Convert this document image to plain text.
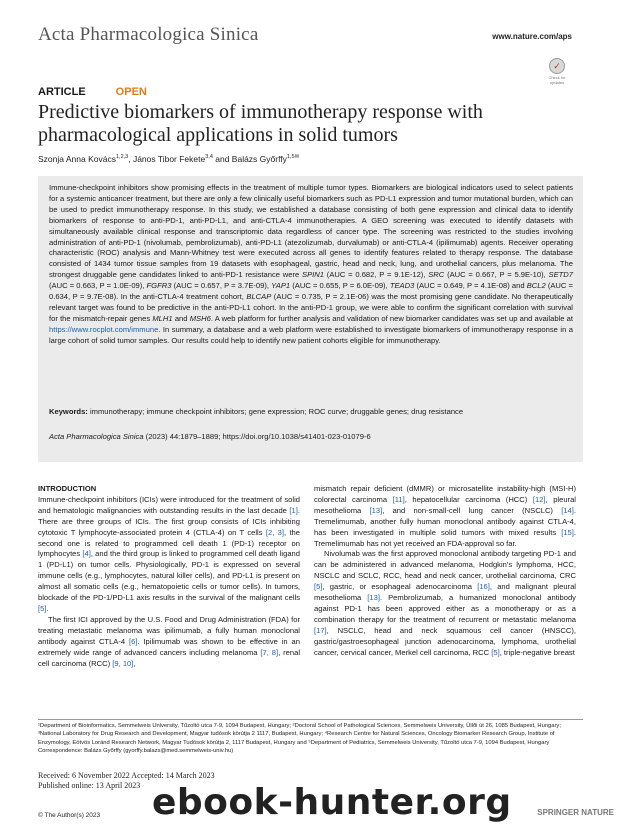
Acta Pharmacologica Sinica	www.nature.com/aps
✓
Check for updates
ARTICLE	OPEN
Predictive biomarkers of immunotherapy response with pharmacological applications in solid tumors
Szonja Anna Kovács$^{1,2,3}$, János Tibor Fekete$^{3,4}$ and Balázs Győrffy$^{1,5✉}$
Immune-checkpoint inhibitors show promising effects in the treatment of multiple tumor types. Biomarkers are biological indicators used to select patients for a systemic anticancer treatment, but there are only a few clinically useful biomarkers such as PD-L1 expression and tumor mutational burden, which can be used to predict immunotherapy response. In this study, we established a database consisting of both gene expression and clinical data to identify biomarkers of response to anti-PD-1, anti-PD-L1, and anti-CTLA-4 immunotherapies. A GEO screening was executed to identify datasets with simultaneously available clinical response and transcriptomic data regardless of cancer type. The screening was restricted to the studies involving administration of anti-PD-1 (nivolumab, pembrolizumab), anti-PD-L1 (atezolizumab, durvalumab) or anti-CTLA-4 (ipilimumab) agents. Receiver operating characteristic (ROC) analysis and Mann-Whitney test were executed across all genes to identify features related to therapy response. The database consisted of 1434 tumor tissue samples from 19 datasets with esophageal, gastric, head and neck, lung, and urothelial cancers, plus melanoma. The strongest druggable gene candidates linked to anti-PD-1 resistance were SPIN1 (AUC = 0.682, P = 9.1E-12), SRC (AUC = 0.667, P = 5.9E-10), SETD7 (AUC = 0.663, P = 1.0E-09), FGFR3 (AUC = 0.657, P = 3.7E-09), YAP1 (AUC = 0.655, P = 6.0E-09), TEAD3 (AUC = 0.649, P = 4.1E-08) and BCL2 (AUC = 0.634, P = 9.7E-08). In the anti-CTLA-4 treatment cohort, BLCAP (AUC = 0.735, P = 2.1E-06) was the most promising gene candidate. No therapeutically relevant target was found to be predictive in the anti-PD-L1 cohort. In the anti-PD-1 group, we were able to confirm the significant correlation with survival for the mismatch-repair genes MLH1 and MSH6. A web platform for further analysis and validation of new biomarker candidates was set up and available at https://www.rocplot.com/immune. In summary, a database and a web platform were established to investigate biomarkers of immunotherapy response in a large cohort of solid tumor samples. Our results could help to identify new patient cohorts eligible for immunotherapy.
Keywords: immunotherapy; immune checkpoint inhibitors; gene expression; ROC curve; druggable genes; drug resistance
Acta Pharmacologica Sinica (2023) 44:1879–1889; https://doi.org/10.1038/s41401-023-01079-6
INTRODUCTION

Immune-checkpoint inhibitors (ICIs) were introduced for the treatment of solid and hematologic malignancies with outstanding results in the last decade [1]. There are three groups of ICIs. The first group consists of ICIs inhibiting cytotoxic T lymphocyte-associated protein 4 (CTLA-4) on T cells [2, 3], the second one is related to programmed cell death 1 (PD-1) receptor on lymphocytes [4], and the third group is linked to programmed cell death ligand 1 (PD-L1) on tumor cells. Physiologically, PD-1 is expressed on several immune cells (e.g., lymphocytes, natural killer cells), and PD-L1 is present on almost all somatic cells (e.g., hematopoietic cells or tumor cells). In tumors, blockade of the PD-1/PD-L1 axis results in the survival of the malignant cells [5].

The first ICI approved by the U.S. Food and Drug Administration (FDA) for treating metastatic melanoma was ipilimumab, a fully human monoclonal antibody against CTLA-4 [6]. Ipilimumab was shown to be effective in an extremely wide range of advanced cancers including melanoma [7, 8], renal cell carcinoma (RCC) [9, 10],

mismatch repair deficient (dMMR) or microsatellite instability-high (MSI-H) colorectal carcinoma [11], hepatocellular carcinoma (HCC) [12], pleural mesothelioma [13], and non-small-cell lung cancer (NSCLC) [14]. Tremelimumab, another fully human monoclonal antibody against CTLA-4, has been investigated in multiple solid tumors with mixed results [15]. Tremelimumab has not yet received an FDA-approval so far.

Nivolumab was the first approved monoclonal antibody targeting PD-1 and can be administered in advanced melanoma, Hodgkin's lymphoma, HCC, NSCLC and SCLC, RCC, head and neck cancer, urothelial carcinoma, CRC [5], gastric, or esophageal adenocarcinoma [16], and malignant pleural mesothelioma [13]. Pembrolizumab, a humanized monoclonal antibody against PD-1 has been approved either as a monotherapy or as a combination therapy for the treatment of recurrent or metastatic melanoma [17], NSCLC, head and neck squamous cell cancer (HNSCC), gastric/gastroesophageal junction adenocarcinoma, lymphoma, urothelial cancer, cervical cancer, Merkel cell carcinoma, RCC [5], triple-negative breast

¹Department of Bioinformatics, Semmelweis University, Tűzoltó utca 7-9, 1094 Budapest, Hungary; ²Doctoral School of Pathological Sciences, Semmelweis University, Üllői út 26, 1085 Budapest, Hungary; ³National Laboratory for Drug Research and Development, Magyar tudósok körútja 2 1117, Budapest, Hungary; ⁴Research Centre for Natural Sciences, Oncology Biomarker Research Group, Institute of Enzymology, Eötvös Loránd Research Network, Magyar Tudósok körútja 2, 1117 Budapest, Hungary and ⁵Department of Pediatrics, Semmelweis University, Tűzoltó utca 7-9, 1094 Budapest, Hungary
Correspondence: Balázs Győrffy (gyorffy.balazs@med.semmelweis-univ.hu)
Received: 6 November 2022 Accepted: 14 March 2023
Published online: 13 April 2023
© The Author(s) 2023 ebook-hunter.org	SPRINGER NATURE
